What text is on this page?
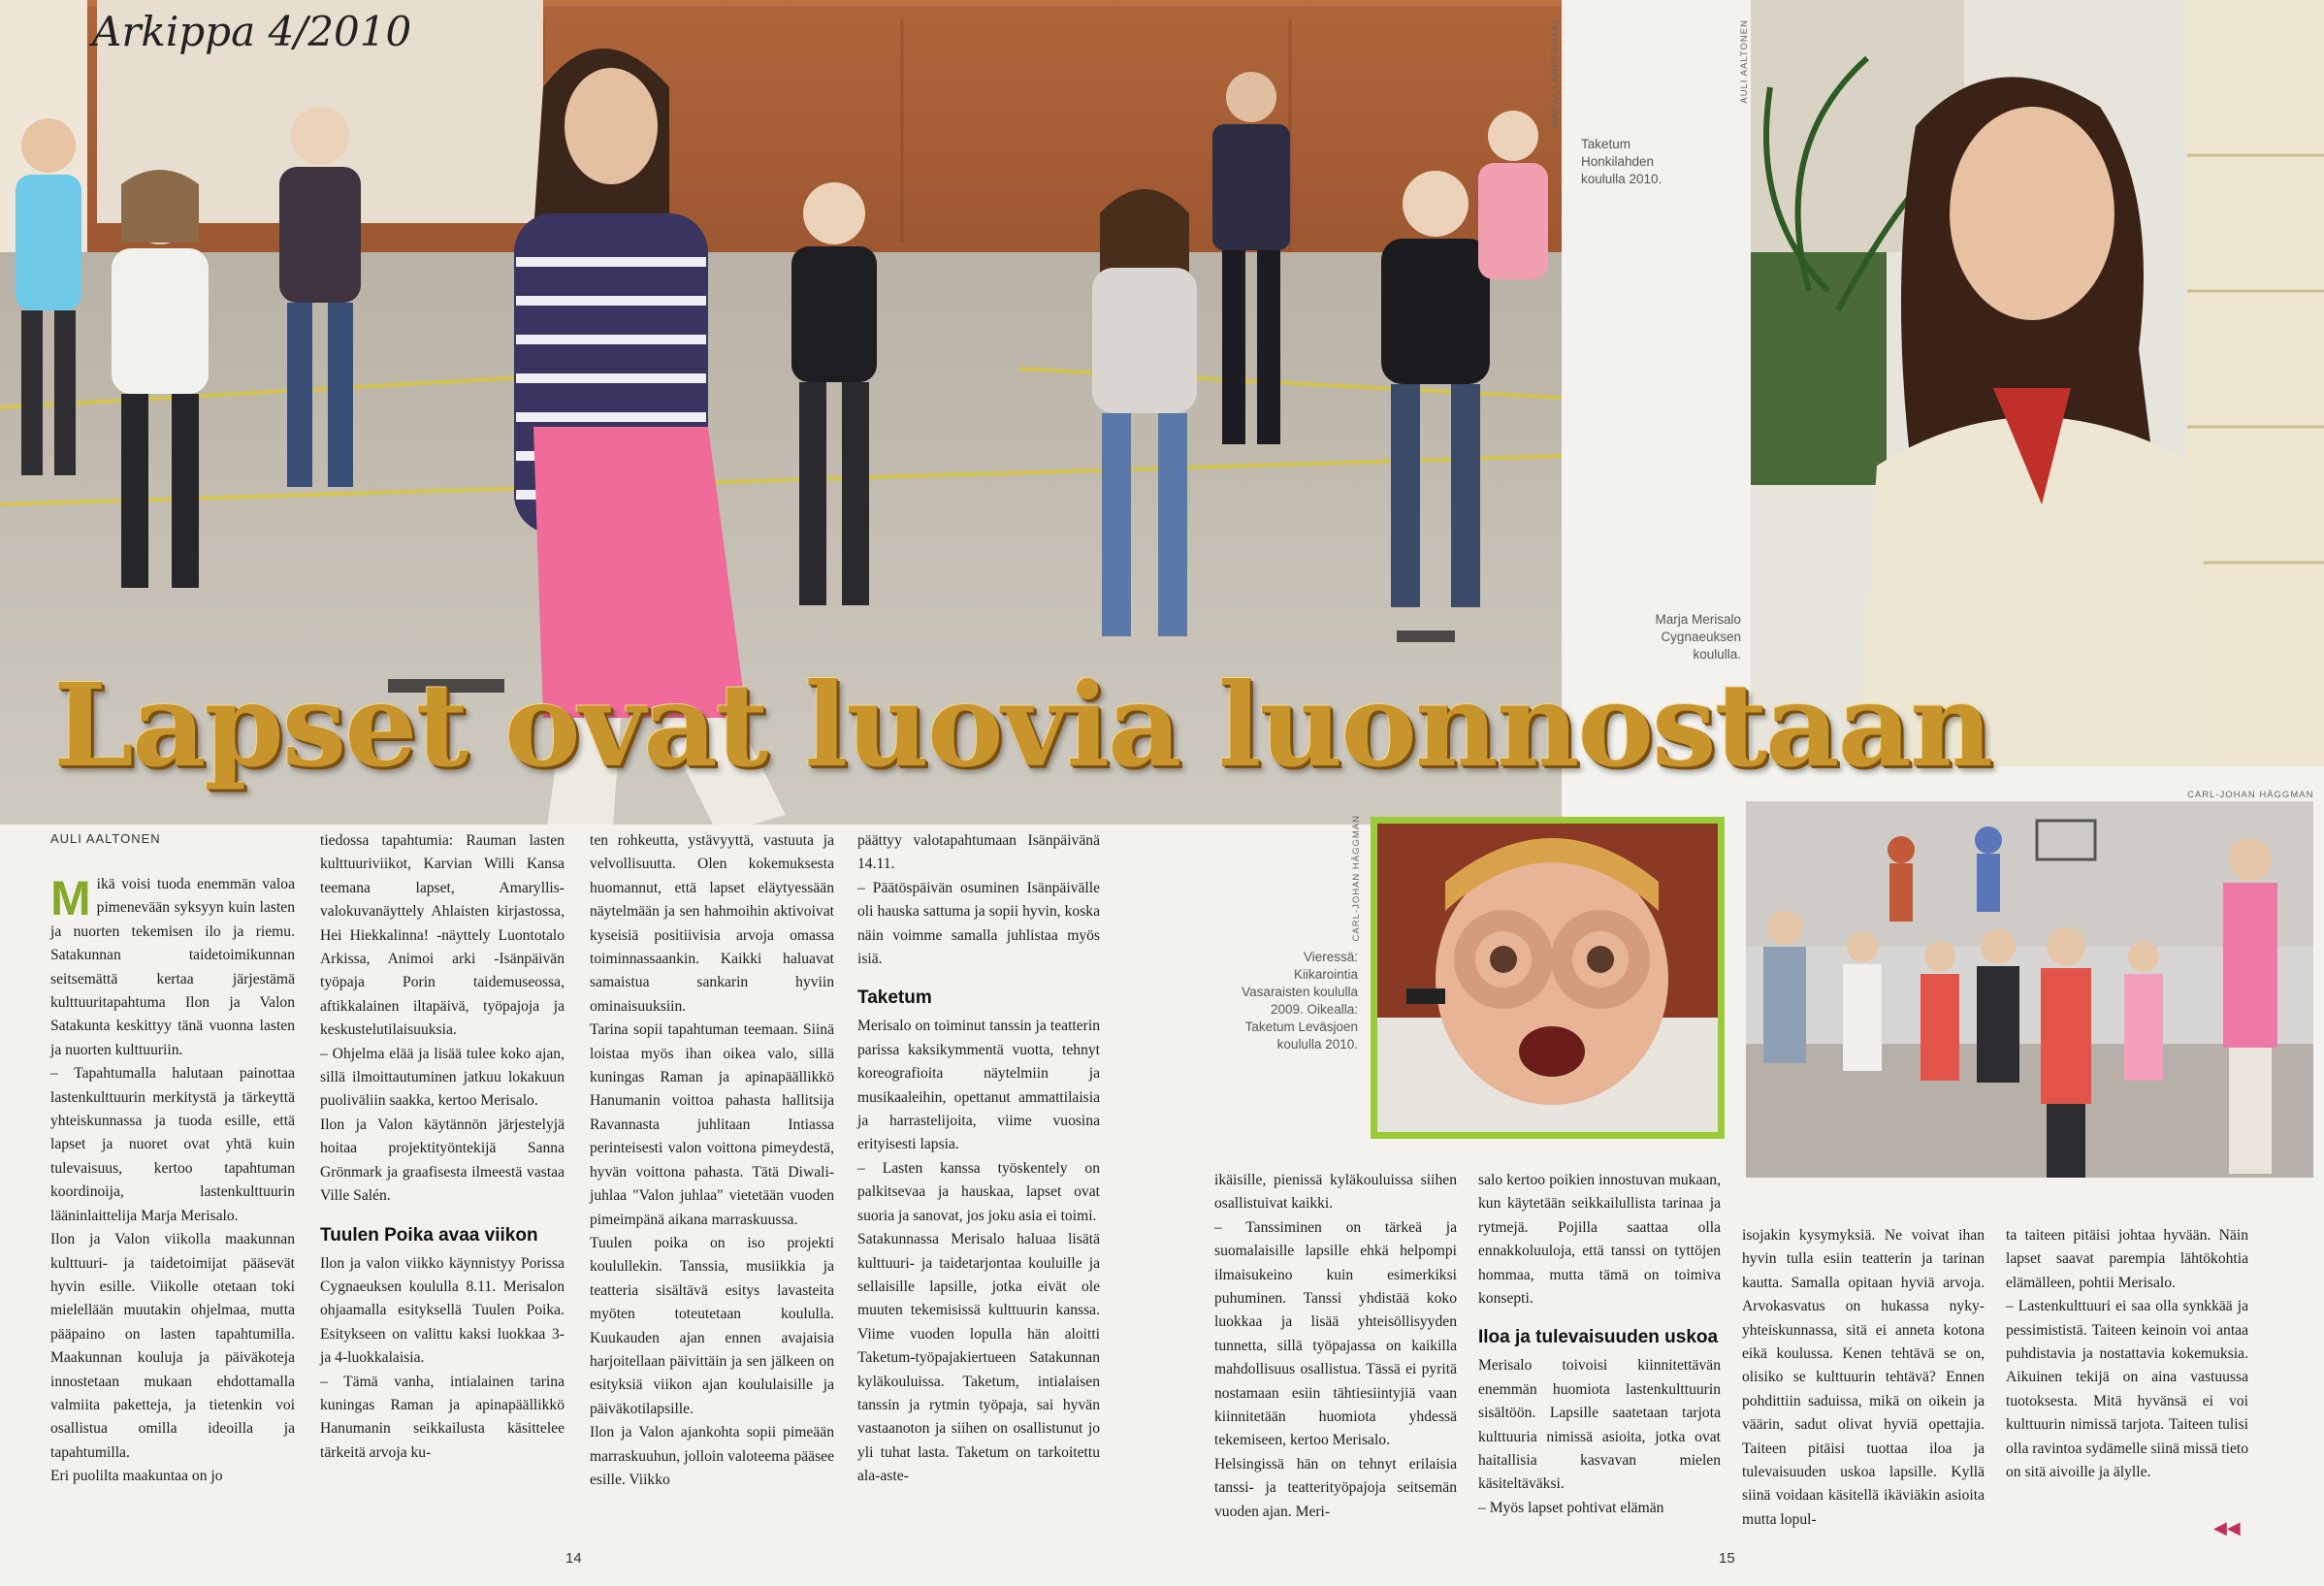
Arkippa 4/2010	MARJA LANDESMÄKI
Taketum Honkilahden koululla 2010.
AULI AALTONEN
Marja Merisalo Cygnaeuksen koululla.
Lapset ovat luovia luonnostaan
CARL-JOHAN HÄGGMAN
Vieressä: Kiikarointia Vasaraisten koululla 2009. Oikealla: Taketum Leväsjoen koululla 2010.
CARL-JOHAN HÄGGMAN
AULI AALTONEN

Mikä voisi tuoda enemmän valoa pimenevään syksyyn kuin lasten ja nuorten tekemisen ilo ja riemu. Satakunnan taidetoimikunnan seitsemättä kertaa järjestämä kulttuuritapahtuma Ilon ja Valon Satakunta keskittyy tänä vuonna lasten ja nuorten kulttuuriin.

– Tapahtumalla halutaan painottaa lastenkulttuurin merkitystä ja tärkeyttä yhteiskunnassa ja tuoda esille, että lapset ja nuoret ovat yhtä kuin tulevaisuus, kertoo tapahtuman koordinoija, lastenkulttuurin lääninlaittelija Marja Merisalo.

Ilon ja Valon viikolla maakunnan kulttuuri- ja taidetoimijat pääsevät hyvin esille. Viikolle otetaan toki mielellään muutakin ohjelmaa, mutta pääpaino on lasten tapahtumilla. Maakunnan kouluja ja päiväkoteja innostetaan mukaan ehdottamalla valmiita paketteja, ja tietenkin voi osallistua omilla ideoilla ja tapahtumilla.

Eri puolilta maakuntaa on jo

tiedossa tapahtumia: Rauman lasten kulttuuriviikot, Karvian Willi Kansa teemana lapset, Amaryllis-valokuvanäyttely Ahlaisten kirjastossa, Hei Hiekkalinna! -näyttely Luontotalo Arkissa, Animoi arki -Isänpäivän työpaja Porin taidemuseossa, aftikkalainen iltapäivä, työpajoja ja keskustelutilaisuuksia.

– Ohjelma elää ja lisää tulee koko ajan, sillä ilmoittautuminen jatkuu lokakuun puoliväliin saakka, kertoo Merisalo.

Ilon ja Valon käytännön järjestelyjä hoitaa projektityöntekijä Sanna Grönmark ja graafisesta ilmeestä vastaa Ville Salén.

Tuulen Poika avaa viikon

Ilon ja valon viikko käynnistyy Porissa Cygnaeuksen koululla 8.11. Merisalon ohjaamalla esityksellä Tuulen Poika. Esitykseen on valittu kaksi luokkaa 3- ja 4-luokkalaisia.

– Tämä vanha, intialainen tarina kuningas Raman ja apinapäällikkö Hanumanin seikkailusta käsittelee tärkeitä arvoja ku-

ten rohkeutta, ystävyyttä, vastuuta ja velvollisuutta. Olen kokemuksesta huomannut, että lapset eläytyessään näytelmään ja sen hahmoihin aktivoivat kyseisiä positiivisia arvoja omassa toiminnassaankin. Kaikki haluavat samaistua sankarin hyviin ominaisuuksiin.

Tarina sopii tapahtuman teemaan. Siinä loistaa myös ihan oikea valo, sillä kuningas Raman ja apinapäällikkö Hanumanin voittoa pahasta hallitsija Ravannastа juhlitaan Intiassa perinteisesti valon voittona pimeydestä, hyvän voittona pahasta. Tätä Diwali-juhlaa "Valon juhlaa" vietetään vuoden pimeimpänä aikana marraskuussa.

Tuulen poika on iso projekti koulullekin. Tanssia, musiikkia ja teatteria sisältävä esitys lavasteita myöten toteutetaan koululla. Kuukauden ajan ennen avajaisia harjoitellaan päivittäin ja sen jälkeen on esityksiä viikon ajan koululaisille ja päiväkotilapsille.

Ilon ja Valon ajankohta sopii pimeään marraskuuhun, jolloin valoteema pääsee esille. Viikko

päättyy valotapahtumaan Isänpäivänä 14.11.

– Päätöspäivän osuminen Isänpäivälle oli hauska sattuma ja sopii hyvin, koska näin voimme samalla juhlistaa myös isiä.

Taketum

Merisalo on toiminut tanssin ja teatterin parissa kaksikymmentä vuotta, tehnyt koreografioita näytelmiin ja musikaaleihin, opettanut ammattilaisia ja harrastelijoita, viime vuosina erityisesti lapsia.

– Lasten kanssa työskentely on palkitsevaa ja hauskaa, lapset ovat suoria ja sanovat, jos joku asia ei toimi.

Satakunnassa Merisalo haluaa lisätä kulttuuri- ja taidetarjontaa kouluille ja sellaisille lapsille, jotka eivät ole muuten tekemisissä kulttuurin kanssa. Viime vuoden lopulla hän aloitti Taketum-työpajakiertueen Satakunnan kyläkouluissa. Taketum, intialaisen tanssin ja rytmin työpaja, sai hyvän vastaanoton ja siihen on osallistunut jo yli tuhat lasta. Taketum on tarkoitettu ala-aste-

ikäisille, pienissä kyläkouluissa siihen osallistuivat kaikki.

– Tanssiminen on tärkeä ja suomalaisille lapsille ehkä helpompi ilmaisukeino kuin esimerkiksi puhuminen. Tanssi yhdistää koko luokkaa ja lisää yhteisöllisyyden tunnetta, sillä työpajassa on kaikilla mahdollisuus osallistua. Tässä ei pyritä nostamaan esiin tähtiesiintyjiä vaan kiinnitetään huomiota yhdessä tekemiseen, kertoo Merisalo.

Helsingissä hän on tehnyt erilaisia tanssi- ja teatterityöpajoja seitsemän vuoden ajan. Meri-

salo kertoo poikien innostuvan mukaan, kun käytetään seikkailullista tarinaa ja rytmejä. Pojilla saattaa olla ennakkoluuloja, että tanssi on tyttöjen hommaa, mutta tämä on toimiva konsepti.

Iloa ja tulevaisuuden uskoa

Merisalo toivoisi kiinnitettävän enemmän huomiota lastenkulttuurin sisältöön. Lapsille saatetaan tarjota kulttuuria nimissä asioita, jotka ovat haitallisia kasvavan mielen käsiteltäväksi.

– Myös lapset pohtivat elämän

isojakin kysymyksiä. Ne voivat ihan hyvin tulla esiin teatterin ja tarinan kautta. Samalla opitaan hyviä arvoja. Arvokasvatus on hukassa nyky-yhteiskunnassa, sitä ei anneta kotona eikä koulussa. Kenen tehtävä se on, olisiko se kulttuurin tehtävä? Ennen pohdittiin saduissa, mikä on oikein ja väärin, sadut olivat hyviä opettajia. Taiteen pitäisi tuottaa iloa ja tulevaisuuden uskoa lapsille. Kyllä siinä voidaan käsitellä ikäviäkin asioita mutta lopul-

ta taiteen pitäisi johtaa hyvään. Näin lapset saavat parempia lähtökohtia elämälleen, pohtii Merisalo.

– Lastenkulttuuri ei saa olla synkkää ja pessimististä. Taiteen keinoin voi antaa puhdistavia ja nostattavia kokemuksia. Aikuinen tekijä on aina vastuussa tuotoksesta. Mitä hyvänsä ei voi kulttuurin nimissä tarjota. Taiteen tulisi olla ravintoa sydämelle siinä missä tieto on sitä aivoille ja älylle.

◀◀
14	15
